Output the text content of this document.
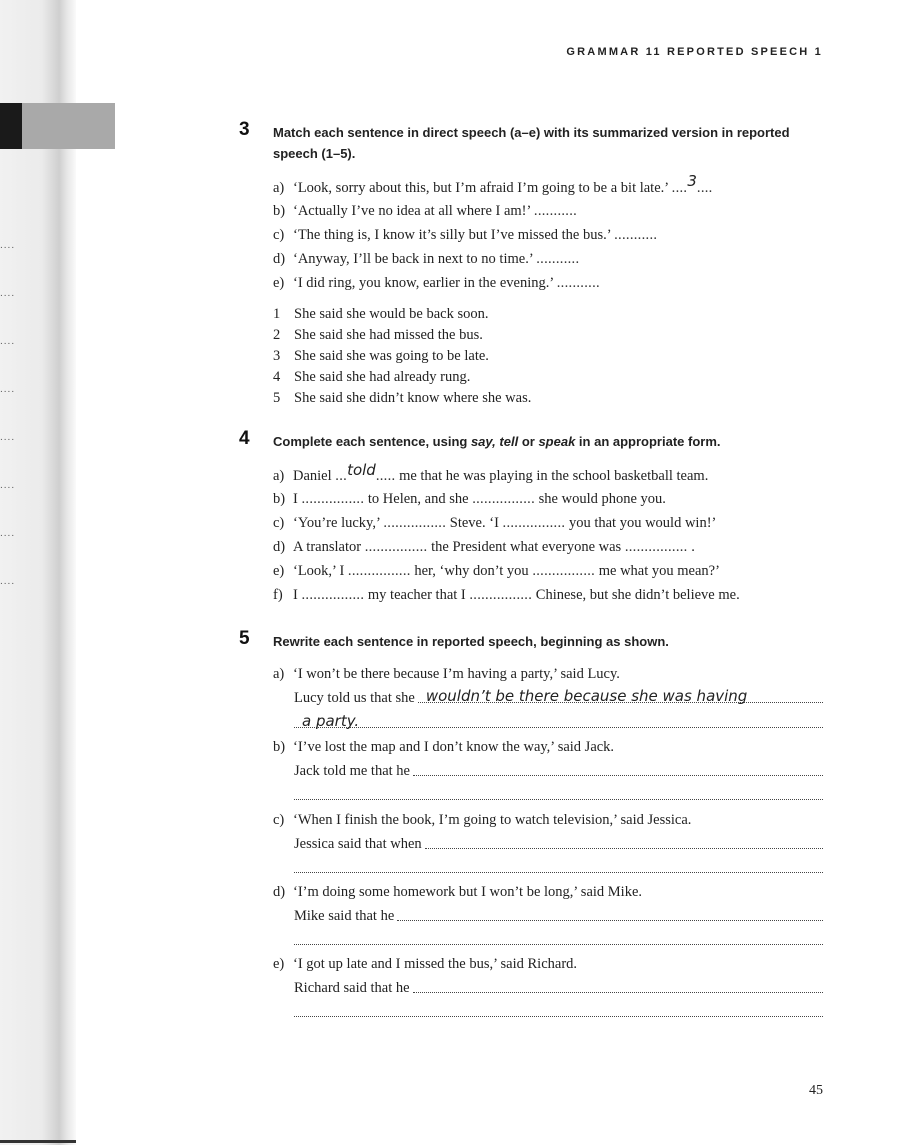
....
....
....
....
....
....
....
....
GRAMMAR 11 REPORTED SPEECH 1
3 Match each sentence in direct speech (a–e) with its summarized version in reported speech (1–5).
a) ‘Look, sorry about this, but I’m afraid I’m going to be a bit late.’ ....3....
b) ‘Actually I’ve no idea at all where I am!’ ...........
c) ‘The thing is, I know it’s silly but I’ve missed the bus.’ ...........
d) ‘Anyway, I’ll be back in next to no time.’ ...........
e) ‘I did ring, you know, earlier in the evening.’ ...........
1 She said she would be back soon.
2 She said she had missed the bus.
3 She said she was going to be late.
4 She said she had already rung.
5 She said she didn’t know where she was.
4 Complete each sentence, using say, tell or speak in an appropriate form.
a) Daniel ...told..... me that he was playing in the school basketball team.
b) I ................ to Helen, and she ................ she would phone you.
c) ‘You’re lucky,’ ................ Steve. ‘I ................ you that you would win!’
d) A translator ................ the President what everyone was ................ .
e) ‘Look,’ I ................ her, ‘why don’t you ................ me what you mean?’
f) I ................ my teacher that I ................ Chinese, but she didn’t believe me.
5 Rewrite each sentence in reported speech, beginning as shown.
a) ‘I won’t be there because I’m having a party,’ said Lucy.
Lucy told us that she wouldn’t be there because she was having
a party.
b) ‘I’ve lost the map and I don’t know the way,’ said Jack.
Jack told me that he
c) ‘When I finish the book, I’m going to watch television,’ said Jessica.
Jessica said that when
d) ‘I’m doing some homework but I won’t be long,’ said Mike.
Mike said that he
e) ‘I got up late and I missed the bus,’ said Richard.
Richard said that he
45
